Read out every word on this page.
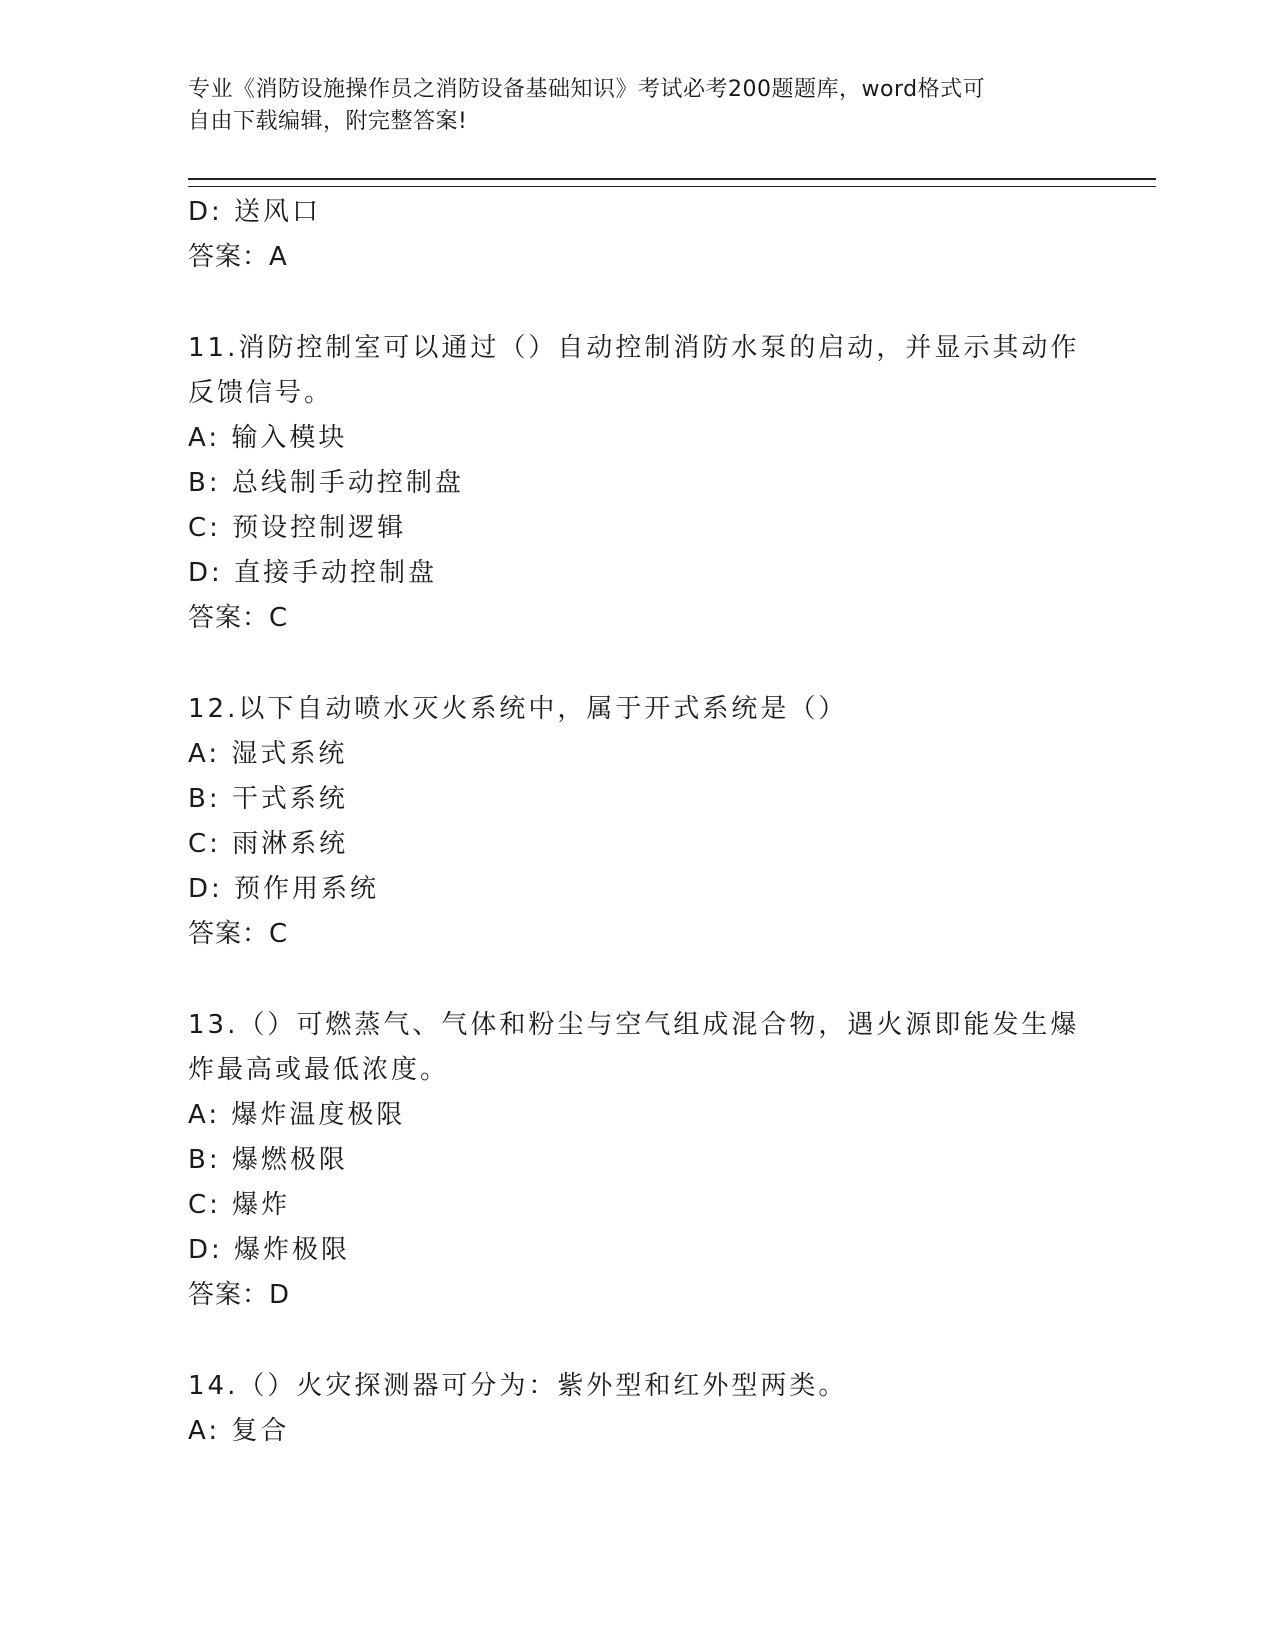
专业《消防设施操作员之消防设备基础知识》考试必考200题题库，word格式可
自由下载编辑，附完整答案!
D: 送风口
答案：A
11.消防控制室可以通过（）自动控制消防水泵的启动，并显示其动作
反馈信号。
A: 输入模块
B: 总线制手动控制盘
C: 预设控制逻辑
D: 直接手动控制盘
答案：C
12.以下自动喷水灭火系统中，属于开式系统是（）
A: 湿式系统
B: 干式系统
C: 雨淋系统
D: 预作用系统
答案：C
13.（）可燃蒸气、气体和粉尘与空气组成混合物，遇火源即能发生爆
炸最高或最低浓度。
A: 爆炸温度极限
B: 爆燃极限
C: 爆炸
D: 爆炸极限
答案：D
14.（）火灾探测器可分为：紫外型和红外型两类。
A: 复合
